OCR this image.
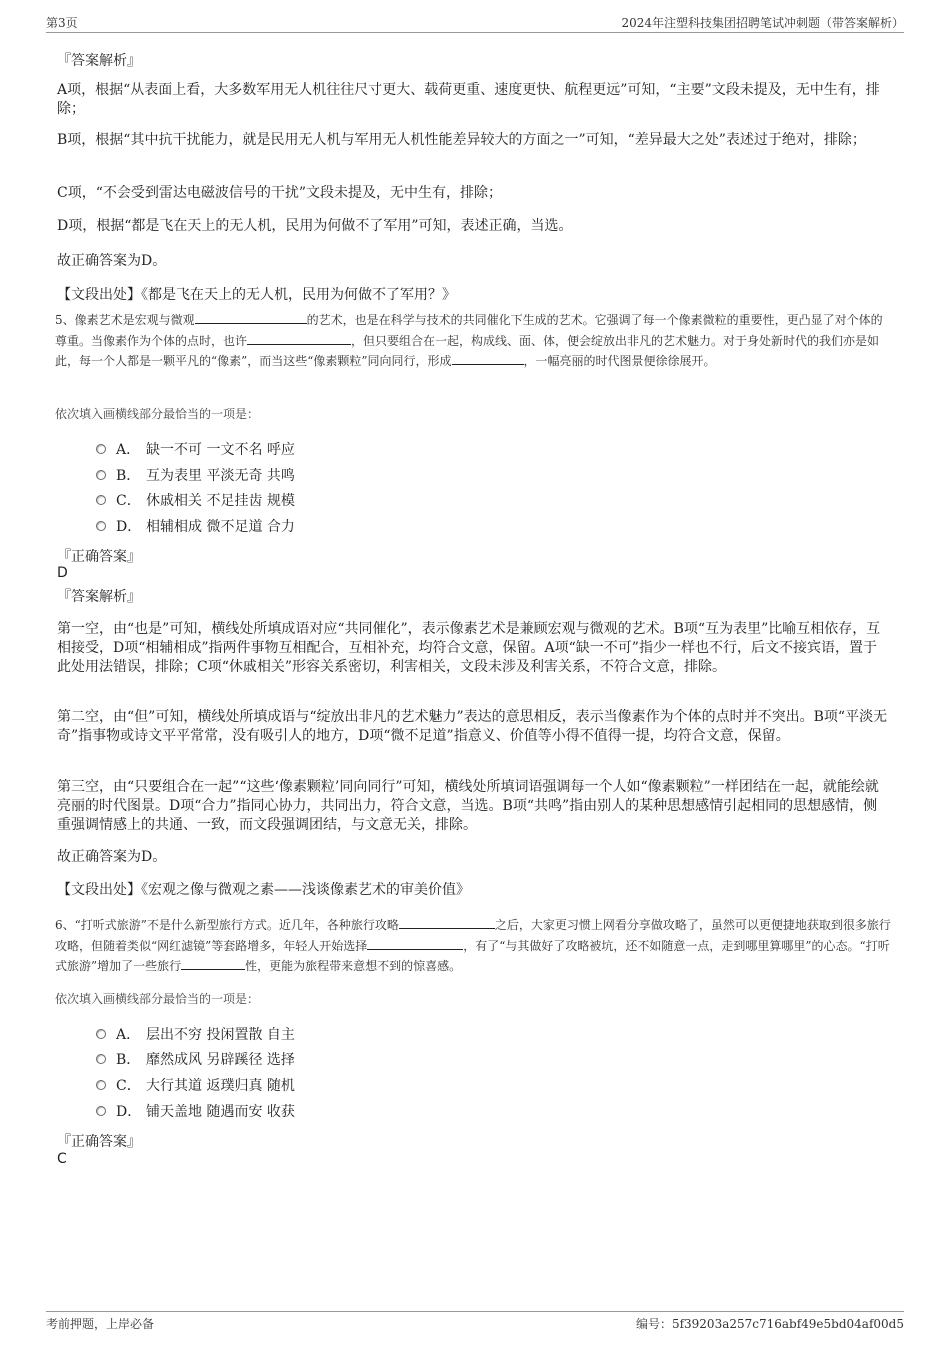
第3页	2024年注塑科技集团招聘笔试冲刺题（带答案解析）
『答案解析』
A项，根据“从表面上看，大多数军用无人机往往尺寸更大、载荷更重、速度更快、航程更远”可知，“主要”文段未提及，无中生有，排除；
B项，根据“其中抗干扰能力，就是民用无人机与军用无人机性能差异较大的方面之一”可知，“差异最大之处”表述过于绝对，排除；
C项，“不会受到雷达电磁波信号的干扰”文段未提及，无中生有，排除；
D项，根据“都是飞在天上的无人机，民用为何做不了军用”可知，表述正确，当选。
故正确答案为D。
【文段出处】《都是飞在天上的无人机，民用为何做不了军用？》
5、像素艺术是宏观与微观	的艺术，也是在科学与技术的共同催化下生成的艺术。它强调了每一个像素微粒的重要性，更凸显了对个体的尊重。当像素作为个体的点时，也许	，但只要组合在一起，构成线、面、体，便会绽放出非凡的艺术魅力。对于身处新时代的我们亦是如此，每一个人都是一颗平凡的“像素”，而当这些“像素颗粒”同向同行，形成	，一幅亮丽的时代图景便徐徐展开。
依次填入画横线部分最恰当的一项是：
A． 缺一不可 一文不名 呼应
B． 互为表里 平淡无奇 共鸣
C． 休戚相关 不足挂齿 规模
D． 相辅相成 微不足道 合力
『正确答案』
D
『答案解析』
第一空，由“也是”可知，横线处所填成语对应“共同催化”，表示像素艺术是兼顾宏观与微观的艺术。B项“互为表里”比喻互相依存，互相接受，D项“相辅相成”指两件事物互相配合，互相补充，均符合文意，保留。A项“缺一不可”指少一样也不行，后文不接宾语，置于此处用法错误，排除；C项“休戚相关”形容关系密切，利害相关，文段未涉及利害关系，不符合文意，排除。
第二空，由“但”可知，横线处所填成语与“绽放出非凡的艺术魅力”表达的意思相反，表示当像素作为个体的点时并不突出。B项“平淡无奇”指事物或诗文平平常常，没有吸引人的地方，D项“微不足道”指意义、价值等小得不值得一提，均符合文意，保留。
第三空，由“只要组合在一起”“这些‘像素颗粒’同向同行”可知，横线处所填词语强调每一个人如“像素颗粒”一样团结在一起，就能绘就亮丽的时代图景。D项“合力”指同心协力，共同出力，符合文意，当选。B项“共鸣”指由别人的某种思想感情引起相同的思想感情，侧重强调情感上的共通、一致，而文段强调团结，与文意无关，排除。
故正确答案为D。
【文段出处】《宏观之像与微观之素——浅谈像素艺术的审美价值》
6、“打听式旅游”不是什么新型旅行方式。近几年，各种旅行攻略	之后，大家更习惯上网看分享做攻略了，虽然可以更便捷地获取到很多旅行攻略，但随着类似“网红滤镜”等套路增多，年轻人开始选择	，有了“与其做好了攻略被坑，还不如随意一点，走到哪里算哪里”的心态。“打听式旅游”增加了一些旅行	性，更能为旅程带来意想不到的惊喜感。
依次填入画横线部分最恰当的一项是：
A． 层出不穷 投闲置散 自主
B． 靡然成风 另辟蹊径 选择
C． 大行其道 返璞归真 随机
D． 铺天盖地 随遇而安 收获
『正确答案』
C
考前押题，上岸必备	编号：5f39203a257c716abf49e5bd04af00d5
